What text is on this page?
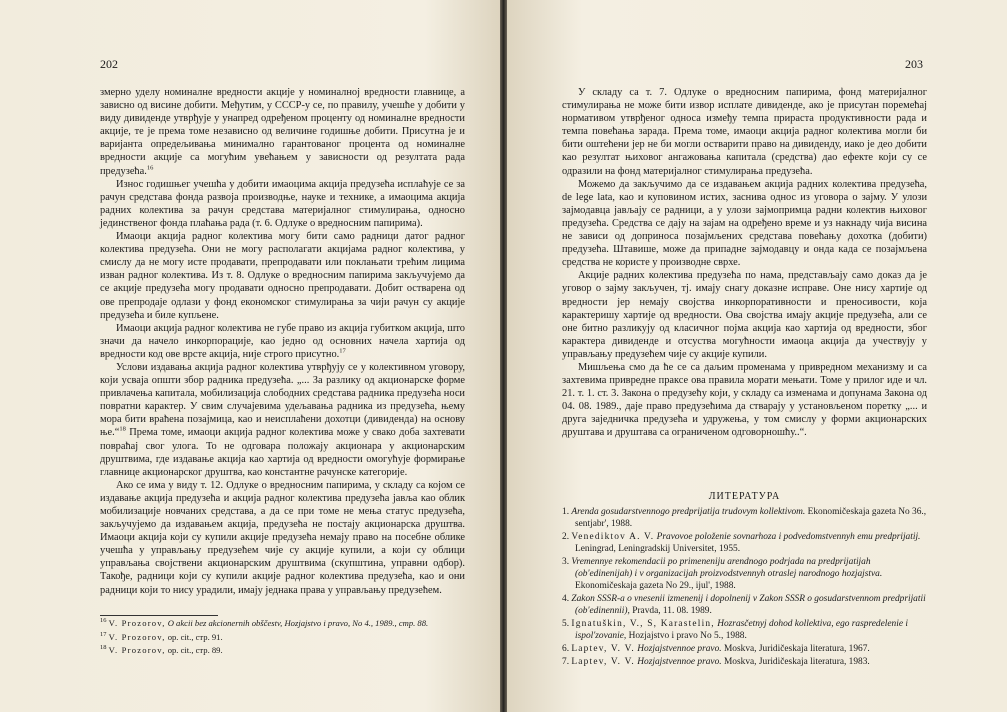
202

змерно уделу номиналне вредности акције у номиналној вредности главнице, а зависно од висине добити. Међутим, у СССР-у се, по правилу, учешће у добити у виду дивиденде утврђује у унапред одређеном проценту од номиналне вредности акције, те је према томе независно од величине годишње добити. Присутна је и варијанта опредељивања минимално гарантованог процента од номиналне вредности акције са могућим увећањем у зависности од резултата рада предузећа.$^{16}$

Износ годишњег учешћа у добити имаоцима акција предузећа исплаћује се за рачун средстава фонда развоја производње, науке и технике, а имаоцима акција радних колектива за рачун средстава материјалног стимулирања, односно јединственог фонда плаћања рада (т. 6. Одлуке о вредносним папирима).

Имаоци акција радног колектива могу бити само радници датог радног колектива предузећа. Они не могу располагати акцијама радног колектива, у смислу да не могу исте продавати, препродавати или поклањати трећим лицима изван радног колектива. Из т. 8. Одлуке о вредносним папирима закључујемо да се акције предузећа могу продавати односно препродавати. Добит остварена од ове препродаје одлази у фонд економског стимулирања за чији рачун су акције предузећа и биле купљене.

Имаоци акција радног колектива не губе право из акција губитком акција, што значи да начело инкорпорације, као једно од основних начела хартија од вредности код ове врсте акција, није строго присутно.$^{17}$

Услови издавања акција радног колектива утврђују се у колективном уговору, који усваја општи збор радника предузећа. „... За разлику од акционарске форме привлачења капитала, мобилизација слободних средстава радника предузећа носи повратни карактер. У свим случајевима удељавања радника из предузећа, њему мора бити враћена позајмица, као и неисплаћени дохотци (дивиденда) на основу ње.“$^{18}$ Према томе, имаоци акција радног колектива може у свако доба захтевати повраћај свог улога. То не одговара положају акционара у акционарским друштвима, где издавање акција као хартија од вредности омогућује формирање главнице акционарског друштва, као константне рачунске категорије.

Ако се има у виду т. 12. Одлуке о вредносним папирима, у складу са којом се издавање акција предузећа и акција радног колектива предузећа јавља као облик мобилизације новчаних средстава, а да се при томе не мења статус предузећа, закључујемо да издавањем акција, предузећа не постају акционарска друштва. Имаоци акција који су купили акције предузећа немају право на посебне облике учешћа у управљању предузећем чије су акције купили, а који су облици управљања својствени акционарским друштвима (скупштина, управни одбор). Такође, радници који су купили акције радног колектива предузећа, као и они радници који то нису урадили, имају једнака права у управљању предузећем.

$^{16}$ V. Prozorov, O akcii bez akcionernih obščestv, Hozjajstvo i pravo, No 4., 1989., стр. 88.
$^{17}$ V. Prozorov, op. cit., стр. 91.
$^{18}$ V. Prozorov, op. cit., стр. 89.
203

У складу са т. 7. Одлуке о вредносним папирима, фонд материјалног стимулирања не може бити извор исплате дивиденде, ако је присутан поремећај нормативом утврђеног односа између темпа прираста продуктивности рада и темпа повећања зарада. Према томе, имаоци акција радног колектива могли би бити оштећени јер не би могли остварити право на дивиденду, иако је део добити као резултат њиховог ангажовања капитала (средства) дао ефекте који су се одразили на фонд материјалног стимулирања предузећа.

Можемо да закључимо да се издавањем акција радних колектива предузећа, de lege lata, као и куповином истих, заснива однос из уговора о зајму. У улози зајмодавца јављају се радници, а у улози зајмопримца радни колектив њиховог предузећа. Средства се дају на зајам на одређено време и уз накнаду чија висина не зависи од доприноса позајмљених средстава повећању дохотка (добити) предузећа. Штавише, може да припадне зајмодавцу и онда када се позајмљена средства не користе у производне сврхе.

Акције радних колектива предузећа по нама, представљају само доказ да је уговор о зајму закључен, тј. имају снагу доказне исправе. Оне нису хартије од вредности јер немају својства инкорпоративности и преносивости, која карактеришу хартије од вредности. Ова својства имају акције предузећа, али се оне битно разликују од класичног појма акција као хартија од вредности, због карактера дивиденде и отсуства могућности имаоца акција да учествују у управљању предузећем чије су акције купили.

Мишљења смо да ће се са даљим променама у привредном механизму и са захтевима привредне праксе ова правила морати мењати. Томе у прилог иде и чл. 21. т. 1. ст. 3. Закона о предузећу који, у складу са изменама и допунама Закона од 04. 08. 1989., даје право предузећима да стварају у установљеном поретку „... и друга заједничка предузећа и удружења, у том смислу у форми акционарских друштава и друштава са ограниченом одговорношћу..“.

ЛИТЕРАТУРА
1. Arenda gosudarstvennogo predprijatija trudovym kollektivom. Ekonomičeskaja gazeta No 36., sentjabr', 1988.
2. Venediktov A. V. Pravovoe položenie sovnarhoza i podvedomstvennyh emu predprijatij. Leningrad, Leningradskij Universitet, 1955.
3. Vremennye rekomendacii po primeneniju arendnogo podrjada na predprijatijah (ob'edinenijah) i v organizacijah proizvodstvennyh otraslej narodnogo hozjajstva. Ekonomičeskaja gazeta No 29., ijul', 1988.
4. Zakon SSSR-a o vnesenii izmenenij i dopolnenij v Zakon SSSR o gosudarstvennom predprijatii (ob'edinennii), Pravda, 11. 08. 1989.
5. Ignatuškin, V., S, Karastelin, Hozrasčetnyj dohod kollektiva, ego raspredelenie i ispol'zovanie, Hozjajstvo i pravo No 5., 1988.
6. Laptev, V. V. Hozjajstvennoe pravo. Moskva, Juridičeskaja literatura, 1967.
7. Laptev, V. V. Hozjajstvennoe pravo. Moskva, Juridičeskaja literatura, 1983.
